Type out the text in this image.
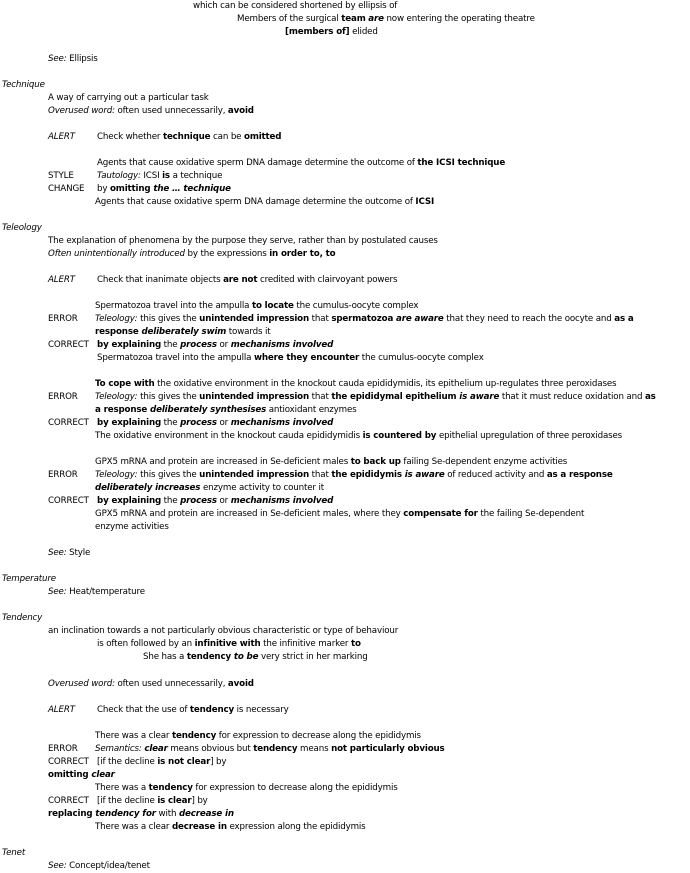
which can be considered shortened by ellipsis of
Members of the surgical team are now entering the operating theatre
[members of] elided
See: Ellipsis
Technique
A way of carrying out a particular task
Overused word: often used unnecessarily, avoid
ALERT	Check whether technique can be omitted
Agents that cause oxidative sperm DNA damage determine the outcome of the ICSI technique
STYLE	Tautology: ICSI is a technique
CHANGE by omitting the … technique
Agents that cause oxidative sperm DNA damage determine the outcome of ICSI
Teleology
The explanation of phenomena by the purpose they serve, rather than by postulated causes
Often unintentionally introduced by the expressions in order to, to
ALERT	Check that inanimate objects are not credited with clairvoyant powers
Spermatozoa travel into the ampulla to locate the cumulus-oocyte complex
ERROR Teleology: this gives the unintended impression that spermatozoa are aware that they need to reach the oocyte and as a
response deliberately swim towards it
CORRECT by explaining the process or mechanisms involved
Spermatozoa travel into the ampulla where they encounter the cumulus-oocyte complex
To cope with the oxidative environment in the knockout cauda epididymidis, its epithelium up-regulates three peroxidases
ERROR Teleology: this gives the unintended impression that the epididymal epithelium is aware that it must reduce oxidation and as
a response deliberately synthesises antioxidant enzymes
CORRECT by explaining the process or mechanisms involved
The oxidative environment in the knockout cauda epididymidis is countered by epithelial upregulation of three peroxidases
GPX5 mRNA and protein are increased in Se-deficient males to back up failing Se-dependent enzyme activities
ERROR Teleology: this gives the unintended impression that the epididymis is aware of reduced activity and as a response
deliberately increases enzyme activity to counter it
CORRECT by explaining the process or mechanisms involved
GPX5 mRNA and protein are increased in Se-deficient males, where they compensate for the failing Se-dependent
enzyme activities
See: Style
Temperature
See: Heat/temperature
Tendency
an inclination towards a not particularly obvious characteristic or type of behaviour
is often followed by an infinitive with the infinitive marker to
She has a tendency to be very strict in her marking
Overused word: often used unnecessarily, avoid
ALERT	Check that the use of tendency is necessary
There was a clear tendency for expression to decrease along the epididymis
ERROR Semantics: clear means obvious but tendency means not particularly obvious
CORRECT [if the decline is not clear] by
omitting clear
There was a tendency for expression to decrease along the epididymis
CORRECT [if the decline is clear] by
replacing tendency for with decrease in
There was a clear decrease in expression along the epididymis
Tenet
See: Concept/idea/tenet
